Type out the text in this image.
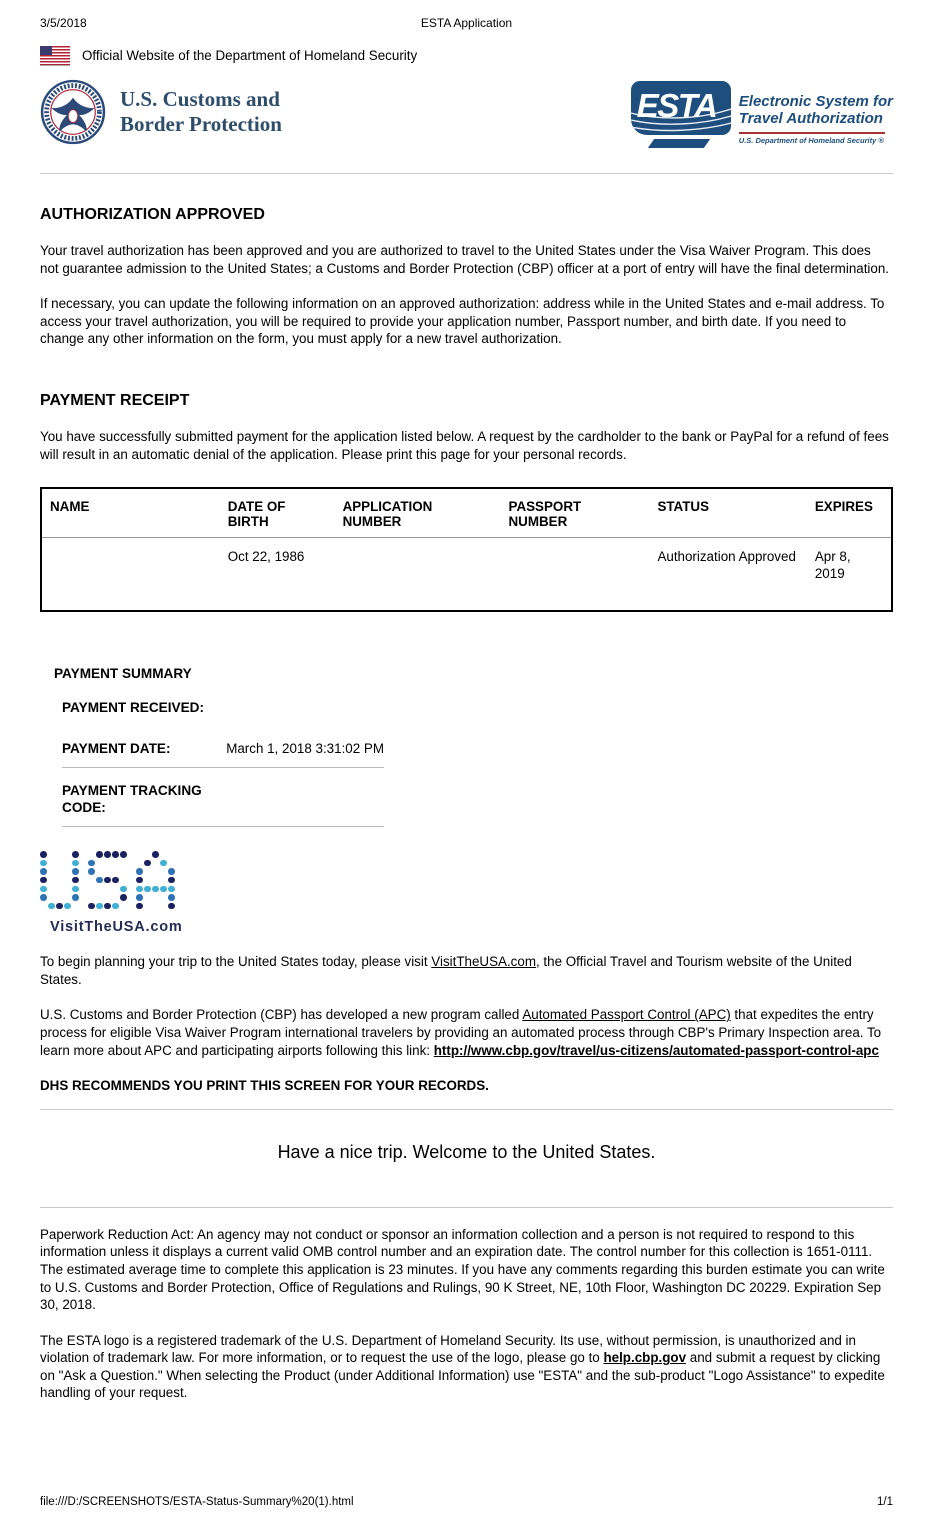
3/5/2018	ESTA Application
Official Website of the Department of Homeland Security
U.S. Customs and
Border Protection	ESTA Electronic System for
Travel Authorization
U.S. Department of Homeland Security ®
AUTHORIZATION APPROVED

Your travel authorization has been approved and you are authorized to travel to the United States under the Visa Waiver Program. This does not guarantee admission to the United States; a Customs and Border Protection (CBP) officer at a port of entry will have the final determination.

If necessary, you can update the following information on an approved authorization: address while in the United States and e-mail address. To access your travel authorization, you will be required to provide your application number, Passport number, and birth date. If you need to change any other information on the form, you must apply for a new travel authorization.

PAYMENT RECEIPT

You have successfully submitted payment for the application listed below. A request by the cardholder to the bank or PayPal for a refund of fees will result in an automatic denial of the application. Please print this page for your personal records.

NAME	DATE OF BIRTH	APPLICATION NUMBER	PASSPORT NUMBER	STATUS	EXPIRES
	Oct 22, 1986			Authorization Approved	Apr 8, 2019
PAYMENT SUMMARY
PAYMENT RECEIVED:
PAYMENT DATE:	March 1, 2018 3:31:02 PM
PAYMENT TRACKING CODE:
VisitTheUSA.com

To begin planning your trip to the United States today, please visit VisitTheUSA.com, the Official Travel and Tourism website of the United States.

U.S. Customs and Border Protection (CBP) has developed a new program called Automated Passport Control (APC) that expedites the entry process for eligible Visa Waiver Program international travelers by providing an automated process through CBP's Primary Inspection area. To learn more about APC and participating airports following this link: http://www.cbp.gov/travel/us-citizens/automated-passport-control-apc

DHS RECOMMENDS YOU PRINT THIS SCREEN FOR YOUR RECORDS.

Have a nice trip. Welcome to the United States.

Paperwork Reduction Act: An agency may not conduct or sponsor an information collection and a person is not required to respond to this information unless it displays a current valid OMB control number and an expiration date. The control number for this collection is 1651-0111. The estimated average time to complete this application is 23 minutes. If you have any comments regarding this burden estimate you can write to U.S. Customs and Border Protection, Office of Regulations and Rulings, 90 K Street, NE, 10th Floor, Washington DC 20229. Expiration Sep 30, 2018.

The ESTA logo is a registered trademark of the U.S. Department of Homeland Security. Its use, without permission, is unauthorized and in violation of trademark law. For more information, or to request the use of the logo, please go to help.cbp.gov and submit a request by clicking on "Ask a Question." When selecting the Product (under Additional Information) use "ESTA" and the sub-product "Logo Assistance" to expedite handling of your request.

file:///D:/SCREENSHOTS/ESTA-Status-Summary%20(1).html	1/1
